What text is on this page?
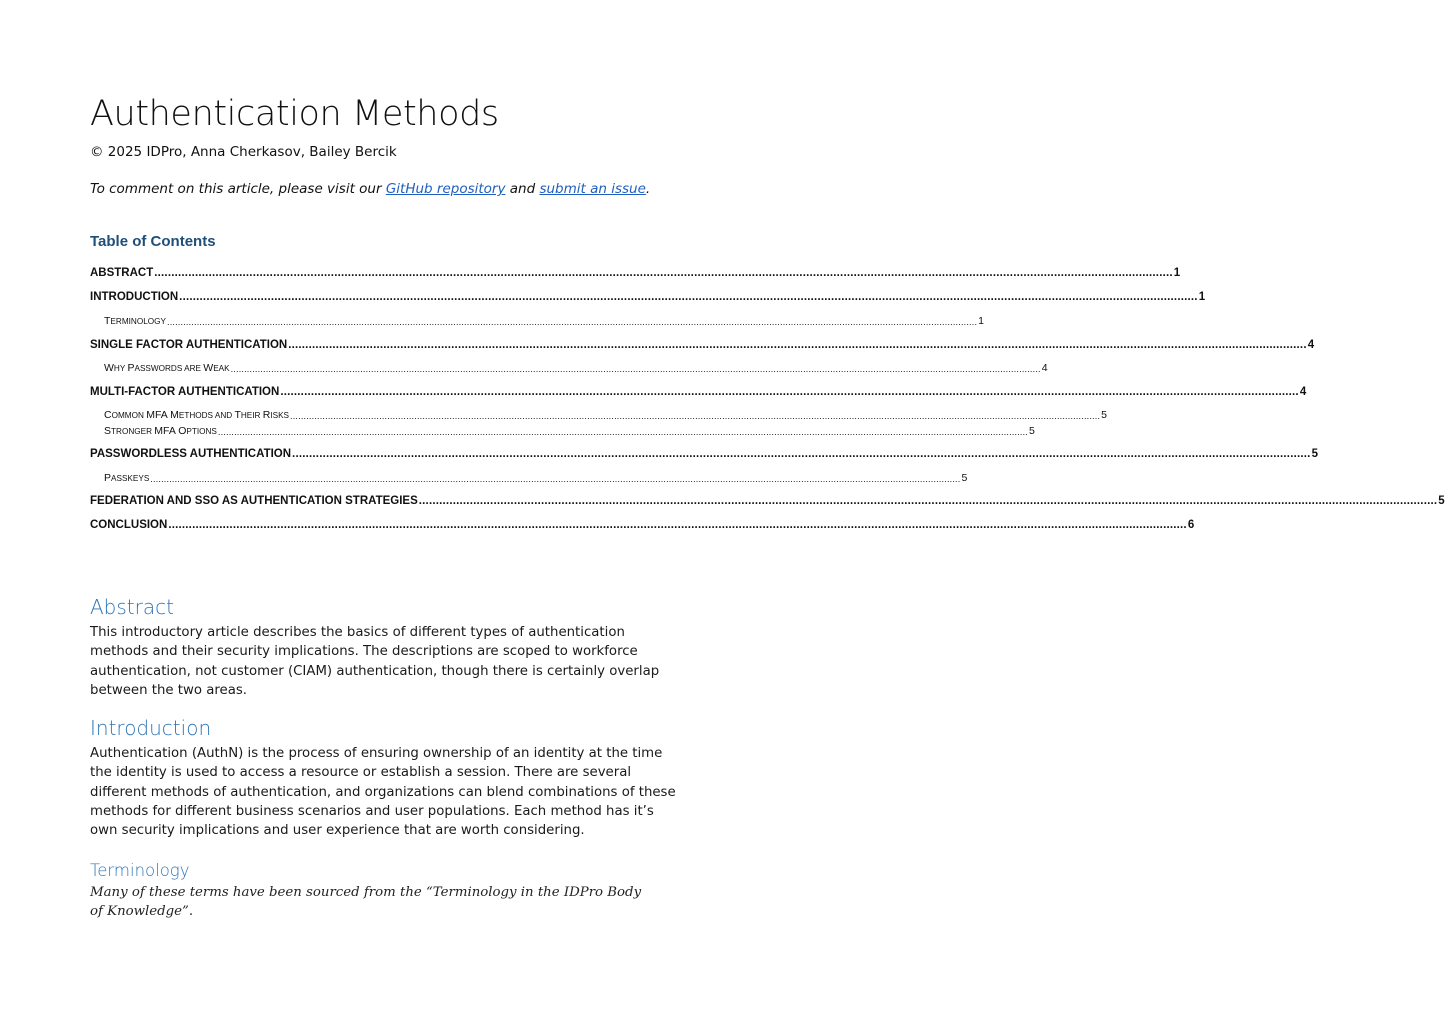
Authentication Methods

© 2025 IDPro, Anna Cherkasov, Bailey Bercik

To comment on this article, please visit our GitHub repository and submit an issue.

Table of Contents
ABSTRACT ............................................................................................................................................................................................................................................................................................................ 1
INTRODUCTION ............................................................................................................................................................................................................................................................................................................ 1
TERMINOLOGY ............................................................................................................................................................................................................................................................................................................ 1
SINGLE FACTOR AUTHENTICATION ............................................................................................................................................................................................................................................................................................................ 4
WHY PASSWORDS ARE WEAK ............................................................................................................................................................................................................................................................................................................ 4
MULTI-FACTOR AUTHENTICATION ............................................................................................................................................................................................................................................................................................................ 4
COMMON MFA METHODS AND THEIR RISKS ............................................................................................................................................................................................................................................................................................................ 5
STRONGER MFA OPTIONS ............................................................................................................................................................................................................................................................................................................ 5
PASSWORDLESS AUTHENTICATION ............................................................................................................................................................................................................................................................................................................ 5
PASSKEYS ............................................................................................................................................................................................................................................................................................................ 5
FEDERATION AND SSO AS AUTHENTICATION STRATEGIES ............................................................................................................................................................................................................................................................................................................ 5
CONCLUSION ............................................................................................................................................................................................................................................................................................................ 6
Abstract

This introductory article describes the basics of different types of authentication methods and their security implications. The descriptions are scoped to workforce authentication, not customer (CIAM) authentication, though there is certainly overlap between the two areas.

Introduction

Authentication (AuthN) is the process of ensuring ownership of an identity at the time the identity is used to access a resource or establish a session. There are several different methods of authentication, and organizations can blend combinations of these methods for different business scenarios and user populations. Each method has it’s own security implications and user experience that are worth considering.

Terminology

Many of these terms have been sourced from the “Terminology in the IDPro Body of Knowledge”.
